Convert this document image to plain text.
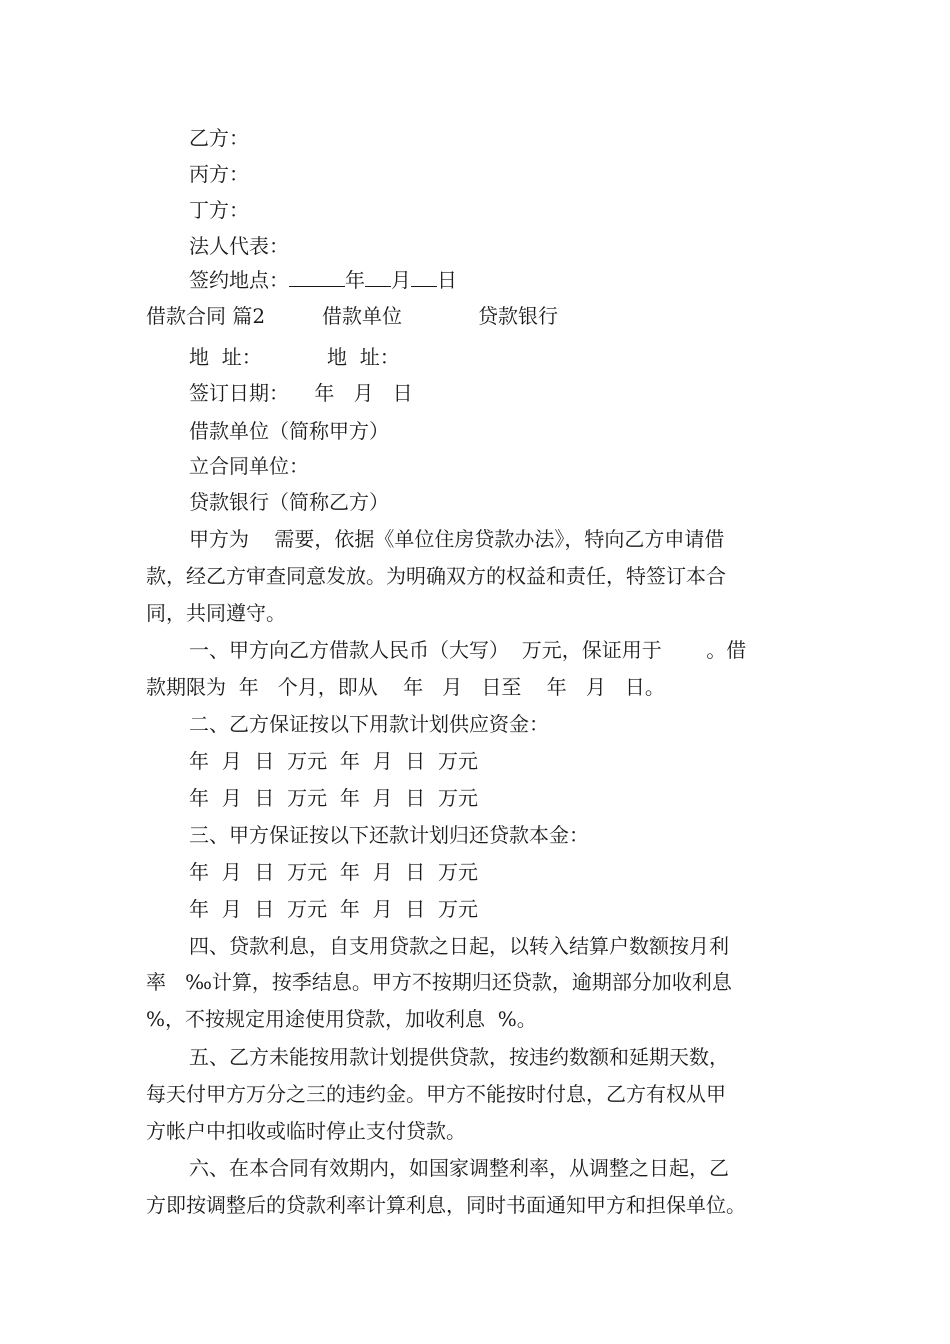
乙方：
丙方：
丁方：
法人代表：
签约地点：	年 月 日
借款合同 篇2	借款单位	贷款银行
地  址：	地  址：
签订日期：    年   月   日
借款单位（简称甲方）
立合同单位：
贷款银行（简称乙方）
甲方为    需要，依据《单位住房贷款办法》，特向乙方申请借
款，经乙方审查同意发放。为明确双方的权益和责任，特签订本合
同，共同遵守。
一、甲方向乙方借款人民币（大写）  万元，保证用于       。借
款期限为  年   个月，即从    年   月   日至    年   月   日。
二、乙方保证按以下用款计划供应资金：
年  月  日  万元  年  月  日  万元
年  月  日  万元  年  月  日  万元
三、甲方保证按以下还款计划归还贷款本金：
年  月  日  万元  年  月  日  万元
年  月  日  万元  年  月  日  万元
四、贷款利息，自支用贷款之日起，以转入结算户数额按月利
率   ‰计算，按季结息。甲方不按期归还贷款，逾期部分加收利息
%，不按规定用途使用贷款，加收利息  %。
五、乙方未能按用款计划提供贷款，按违约数额和延期天数，
每天付甲方万分之三的违约金。甲方不能按时付息，乙方有权从甲
方帐户中扣收或临时停止支付贷款。
六、在本合同有效期内，如国家调整利率，从调整之日起，乙
方即按调整后的贷款利率计算利息，同时书面通知甲方和担保单位。
